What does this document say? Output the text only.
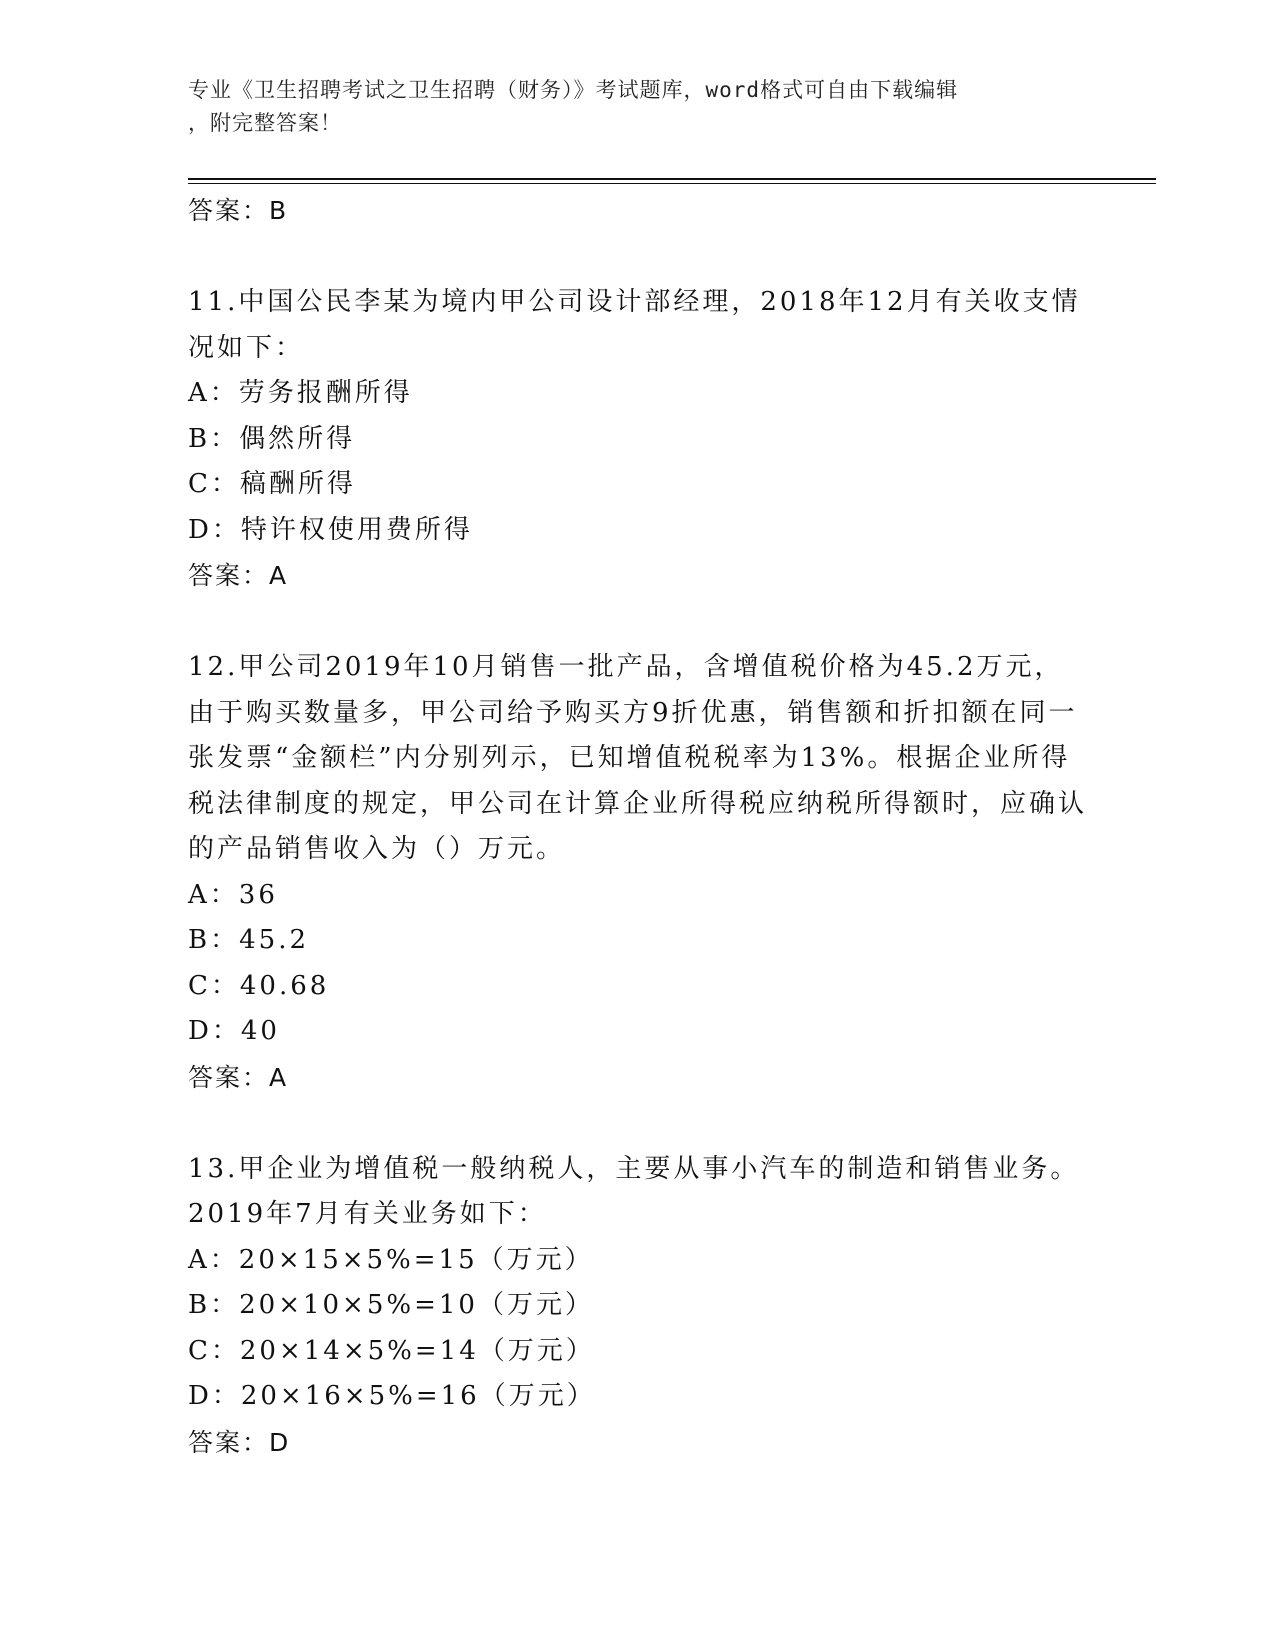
专业《卫生招聘考试之卫生招聘（财务）》考试题库，word格式可自由下载编辑
，附完整答案！

答案：B

11.中国公民李某为境内甲公司设计部经理，2018年12月有关收支情况如下：

A：劳务报酬所得

B：偶然所得

C：稿酬所得

D：特许权使用费所得

答案：A

12.甲公司2019年10月销售一批产品，含增值税价格为45.2万元，由于购买数量多，甲公司给予购买方9折优惠，销售额和折扣额在同一张发票“金额栏”内分别列示，已知增值税税率为13%。根据企业所得税法律制度的规定，甲公司在计算企业所得税应纳税所得额时，应确认的产品销售收入为（）万元。

A：36

B：45.2

C：40.68

D：40

答案：A

13.甲企业为增值税一般纳税人，主要从事小汽车的制造和销售业务。2019年7月有关业务如下：

A：20×15×5%=15（万元）

B：20×10×5%=10（万元）

C：20×14×5%=14（万元）

D：20×16×5%=16（万元）

答案：D
